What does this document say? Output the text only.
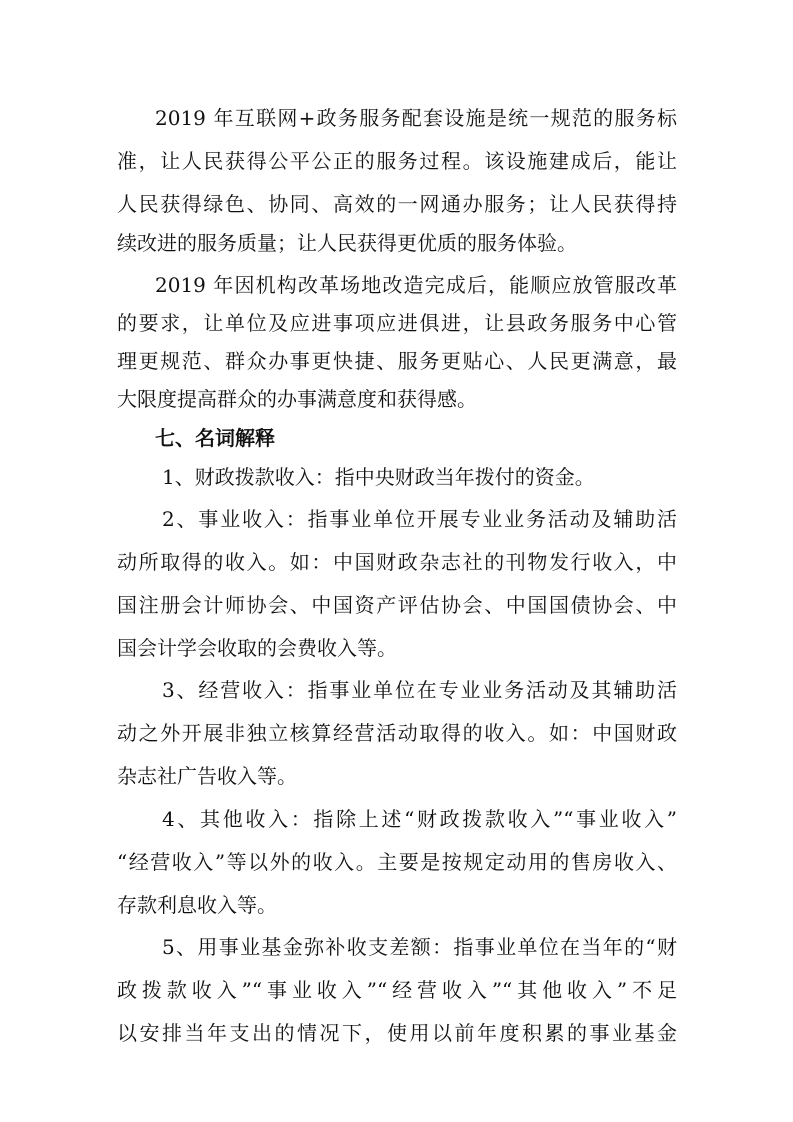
2019 年互联网+政务服务配套设施是统一规范的服务标
准，让人民获得公平公正的服务过程。该设施建成后，能让
人民获得绿色、协同、高效的一网通办服务；让人民获得持
续改进的服务质量；让人民获得更优质的服务体验。
2019 年因机构改革场地改造完成后，能顺应放管服改革
的要求，让单位及应进事项应进俱进，让县政务服务中心管
理更规范、群众办事更快捷、服务更贴心、人民更满意，最
大限度提高群众的办事满意度和获得感。
七、名词解释
1、财政拨款收入：指中央财政当年拨付的资金。
2、事业收入：指事业单位开展专业业务活动及辅助活
动所取得的收入。如：中国财政杂志社的刊物发行收入，中
国注册会计师协会、中国资产评估协会、中国国债协会、中
国会计学会收取的会费收入等。
3、经营收入：指事业单位在专业业务活动及其辅助活
动之外开展非独立核算经营活动取得的收入。如：中国财政
杂志社广告收入等。
4、其他收入：指除上述“财政拨款收入”“事业收入”
“经营收入”等以外的收入。主要是按规定动用的售房收入、
存款利息收入等。
5、用事业基金弥补收支差额：指事业单位在当年的“财
政拨款收入”“事业收入”“经营收入”“其他收入”不足
以安排当年支出的情况下，使用以前年度积累的事业基金
